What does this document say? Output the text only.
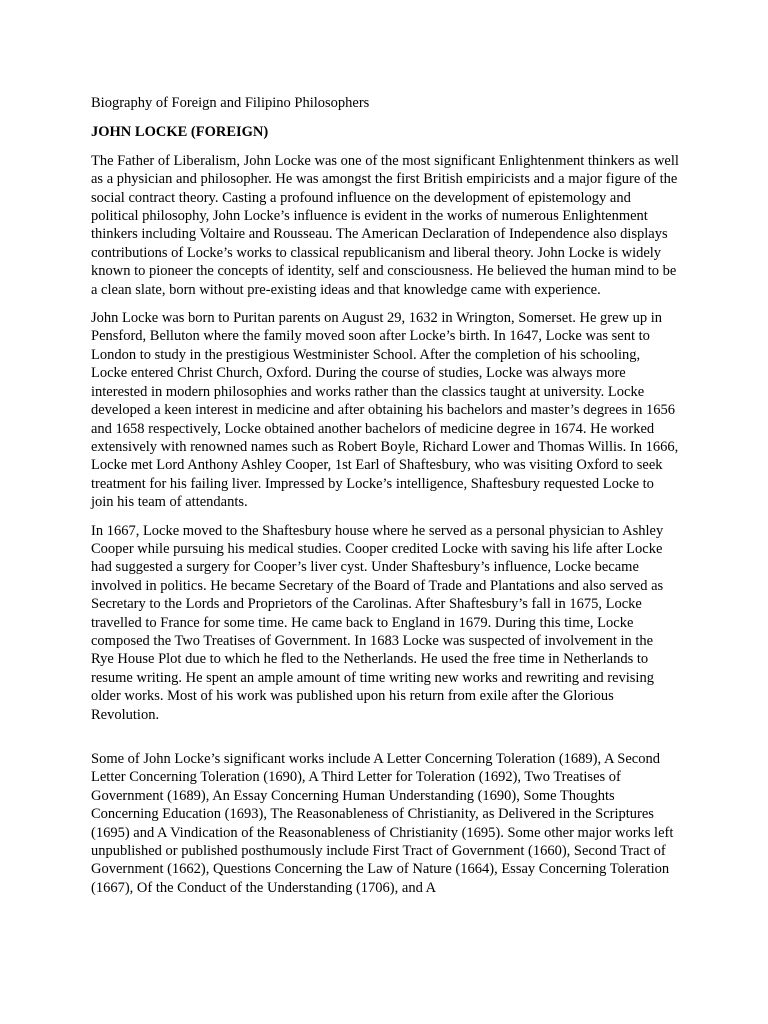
Biography of Foreign and Filipino Philosophers
JOHN LOCKE (FOREIGN)

The Father of Liberalism, John Locke was one of the most significant Enlightenment thinkers as well as a physician and philosopher. He was amongst the first British empiricists and a major figure of the social contract theory. Casting a profound influence on the development of epistemology and political philosophy, John Locke’s influence is evident in the works of numerous Enlightenment thinkers including Voltaire and Rousseau. The American Declaration of Independence also displays contributions of Locke’s works to classical republicanism and liberal theory. John Locke is widely known to pioneer the concepts of identity, self and consciousness. He believed the human mind to be a clean slate, born without pre-existing ideas and that knowledge came with experience.

John Locke was born to Puritan parents on August 29, 1632 in Wrington, Somerset. He grew up in Pensford, Belluton where the family moved soon after Locke’s birth. In 1647, Locke was sent to London to study in the prestigious Westminister School. After the completion of his schooling, Locke entered Christ Church, Oxford. During the course of studies, Locke was always more interested in modern philosophies and works rather than the classics taught at university. Locke developed a keen interest in medicine and after obtaining his bachelors and master’s degrees in 1656 and 1658 respectively, Locke obtained another bachelors of medicine degree in 1674. He worked extensively with renowned names such as Robert Boyle, Richard Lower and Thomas Willis. In 1666, Locke met Lord Anthony Ashley Cooper, 1st Earl of Shaftesbury, who was visiting Oxford to seek treatment for his failing liver. Impressed by Locke’s intelligence, Shaftesbury requested Locke to join his team of attendants.

In 1667, Locke moved to the Shaftesbury house where he served as a personal physician to Ashley Cooper while pursuing his medical studies. Cooper credited Locke with saving his life after Locke had suggested a surgery for Cooper’s liver cyst. Under Shaftesbury’s influence, Locke became involved in politics. He became Secretary of the Board of Trade and Plantations and also served as Secretary to the Lords and Proprietors of the Carolinas. After Shaftesbury’s fall in 1675, Locke travelled to France for some time. He came back to England in 1679. During this time, Locke composed the Two Treatises of Government. In 1683 Locke was suspected of involvement in the Rye House Plot due to which he fled to the Netherlands. He used the free time in Netherlands to resume writing. He spent an ample amount of time writing new works and rewriting and revising older works. Most of his work was published upon his return from exile after the Glorious Revolution.

Some of John Locke’s significant works include A Letter Concerning Toleration (1689), A Second Letter Concerning Toleration (1690), A Third Letter for Toleration (1692), Two Treatises of Government (1689), An Essay Concerning Human Understanding (1690), Some Thoughts Concerning Education (1693), The Reasonableness of Christianity, as Delivered in the Scriptures (1695) and A Vindication of the Reasonableness of Christianity (1695). Some other major works left unpublished or published posthumously include First Tract of Government (1660), Second Tract of Government (1662), Questions Concerning the Law of Nature (1664), Essay Concerning Toleration (1667), Of the Conduct of the Understanding (1706), and A
